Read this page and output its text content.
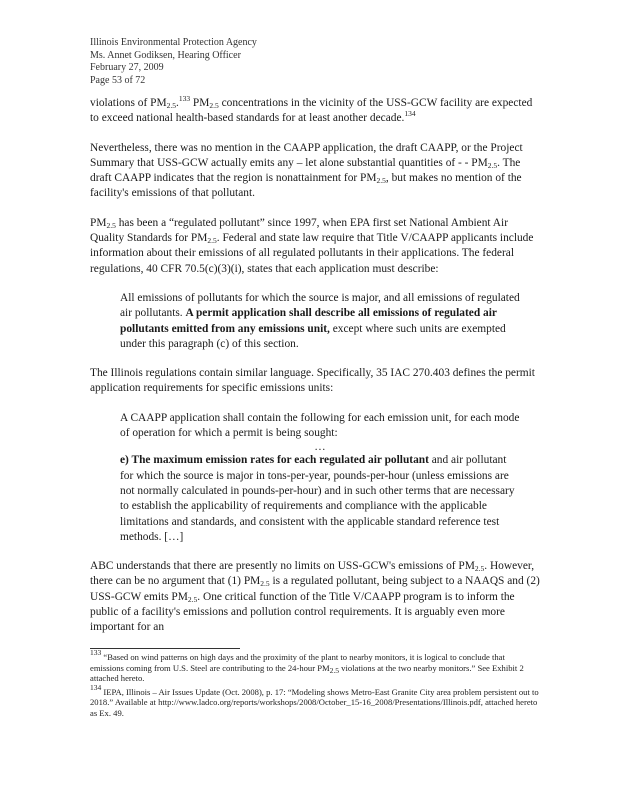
Illinois Environmental Protection Agency
Ms. Annet Godiksen, Hearing Officer
February 27, 2009
Page 53 of 72

violations of $PM_{2.5}.^{133}$ $PM_{2.5}$ concentrations in the vicinity of the USS-GCW facility are expected to exceed national health-based standards for at least another decade.$^{134}$

Nevertheless, there was no mention in the CAAPP application, the draft CAAPP, or the Project Summary that USS-GCW actually emits any – let alone substantial quantities of - - $PM_{2.5}$. The draft CAAPP indicates that the region is nonattainment for $PM_{2.5}$, but makes no mention of the facility's emissions of that pollutant.

$PM_{2.5}$ has been a “regulated pollutant” since 1997, when EPA first set National Ambient Air Quality Standards for $PM_{2.5}$. Federal and state law require that Title V/CAAPP applicants include information about their emissions of all regulated pollutants in their applications. The federal regulations, 40 CFR 70.5(c)(3)(i), states that each application must describe:

All emissions of pollutants for which the source is major, and all emissions of regulated air pollutants. A permit application shall describe all emissions of regulated air pollutants emitted from any emissions unit, except where such units are exempted under this paragraph (c) of this section.

The Illinois regulations contain similar language. Specifically, 35 IAC 270.403 defines the permit application requirements for specific emissions units:

A CAAPP application shall contain the following for each emission unit, for each mode of operation for which a permit is being sought:

…

e) The maximum emission rates for each regulated air pollutant and air pollutant for which the source is major in tons-per-year, pounds-per-hour (unless emissions are not normally calculated in pounds-per-hour) and in such other terms that are necessary to establish the applicability of requirements and compliance with the applicable limitations and standards, and consistent with the applicable standard reference test methods. […]

ABC understands that there are presently no limits on USS-GCW's emissions of $PM_{2.5}$. However, there can be no argument that (1) $PM_{2.5}$ is a regulated pollutant, being subject to a NAAQS and (2) USS-GCW emits $PM_{2.5}$. One critical function of the Title V/CAAPP program is to inform the public of a facility's emissions and pollution control requirements. It is arguably even more important for an

$^{133}$ “Based on wind patterns on high days and the proximity of the plant to nearby monitors, it is logical to conclude that emissions coming from U.S. Steel are contributing to the 24-hour $PM_{2.5}$ violations at the two nearby monitors.” See Exhibit 2 attached hereto.

$^{134}$ IEPA, Illinois – Air Issues Update (Oct. 2008), p. 17: “Modeling shows Metro-East Granite City area problem persistent out to 2018.” Available at http://www.ladco.org/reports/workshops/2008/October_15-16_2008/Presentations/Illinois.pdf, attached hereto as Ex. 49.
